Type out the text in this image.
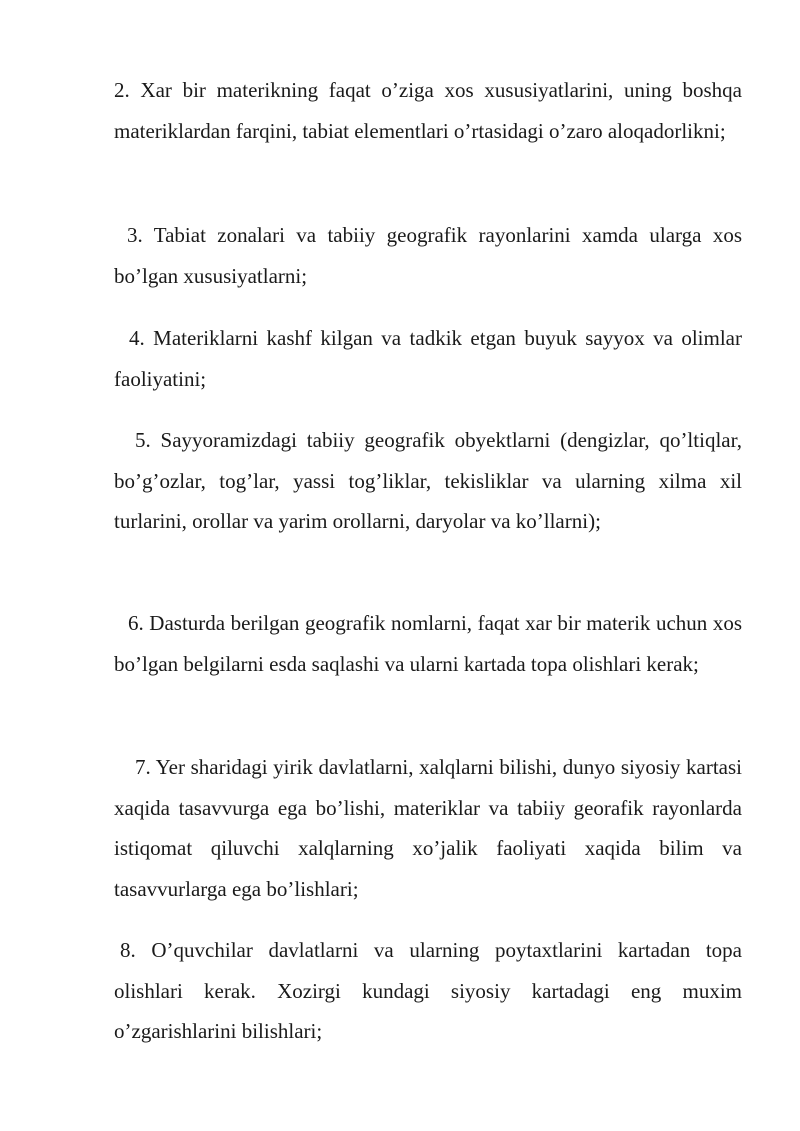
2. Xar bir materikning faqat o’ziga xos xususiyatlarini, uning boshqa materiklardan farqini, tabiat elementlari o’rtasidagi o’zaro aloqadorlikni;

3. Tabiat zonalari va tabiiy geografik rayonlarini xamda ularga xos bo’lgan xususiyatlarni;

4. Materiklarni kashf kilgan va tadkik etgan buyuk sayyox va olimlar faoliyatini;

5. Sayyoramizdagi tabiiy geografik obyektlarni (dengizlar, qo’ltiqlar, bo’g’ozlar, tog’lar, yassi tog’liklar, tekisliklar va ularning xilma xil turlarini, orollar va yarim orollarni, daryolar va ko’llarni);

6. Dasturda berilgan geografik nomlarni, faqat xar bir materik uchun xos bo’lgan belgilarni esda saqlashi va ularni kartada topa olishlari kerak;

7. Yer sharidagi yirik davlatlarni, xalqlarni bilishi, dunyo siyosiy kartasi xaqida tasavvurga ega bo’lishi, materiklar va tabiiy georafik rayonlarda istiqomat qiluvchi xalqlarning xo’jalik faoliyati xaqida bilim va tasavvurlarga ega bo’lishlari;

8. O’quvchilar davlatlarni va ularning poytaxtlarini kartadan topa olishlari kerak. Xozirgi kundagi siyosiy kartadagi eng muxim o’zgarishlarini bilishlari;
